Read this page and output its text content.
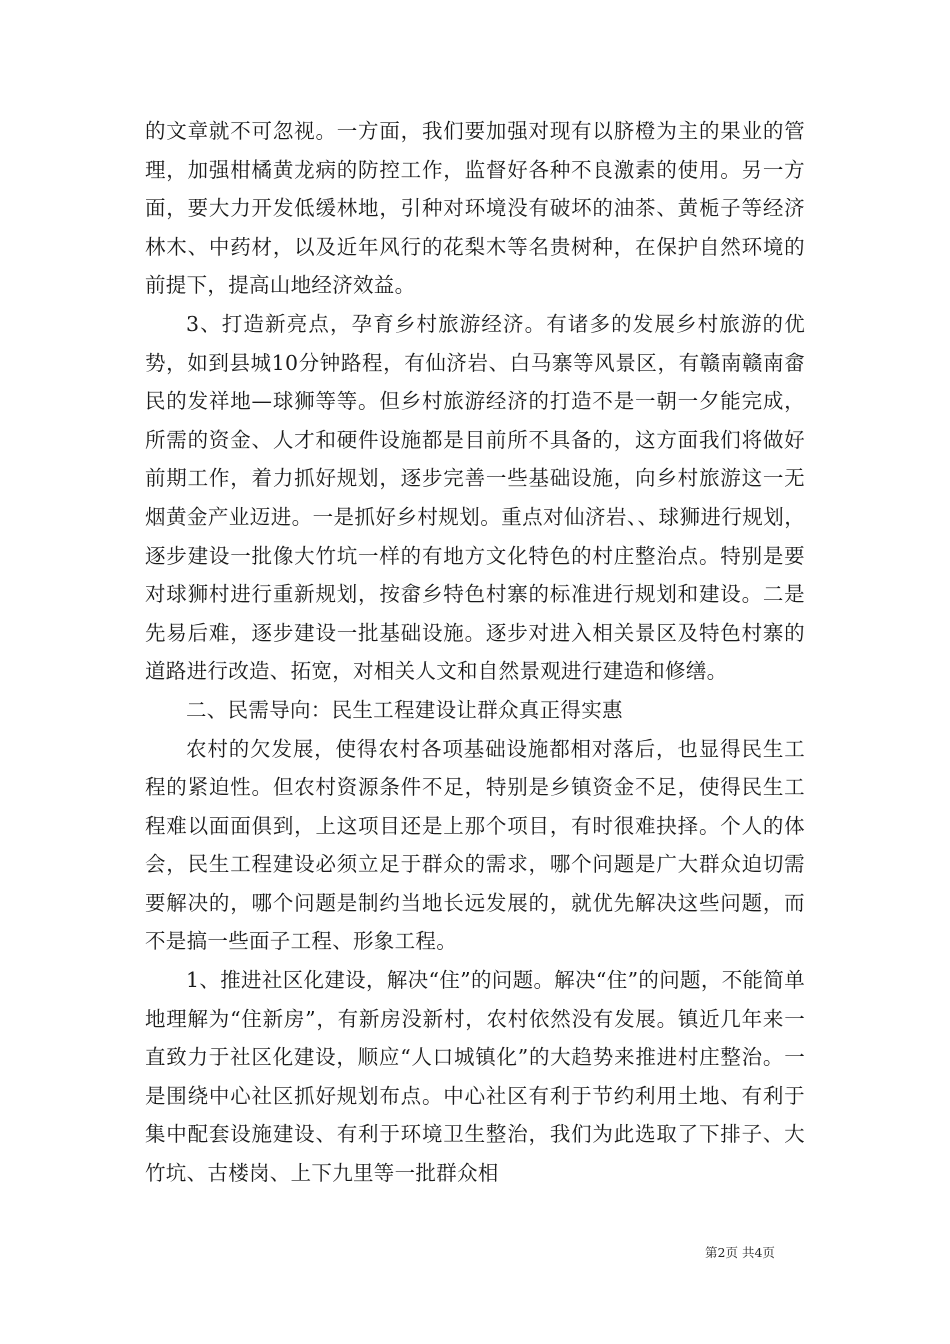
的文章就不可忽视。一方面，我们要加强对现有以脐橙为主的果业的管理，加强柑橘黄龙病的防控工作，监督好各种不良激素的使用。另一方面，要大力开发低缓林地，引种对环境没有破坏的油茶、黄栀子等经济林木、中药材，以及近年风行的花梨木等名贵树种，在保护自然环境的前提下，提高山地经济效益。

3、打造新亮点，孕育乡村旅游经济。有诸多的发展乡村旅游的优势，如到县城10分钟路程，有仙济岩、白马寨等风景区，有赣南赣南畲民的发祥地—球狮等等。但乡村旅游经济的打造不是一朝一夕能完成，所需的资金、人才和硬件设施都是目前所不具备的，这方面我们将做好前期工作，着力抓好规划，逐步完善一些基础设施，向乡村旅游这一无烟黄金产业迈进。一是抓好乡村规划。重点对仙济岩、、球狮进行规划，逐步建设一批像大竹坑一样的有地方文化特色的村庄整治点。特别是要对球狮村进行重新规划，按畲乡特色村寨的标准进行规划和建设。二是先易后难，逐步建设一批基础设施。逐步对进入相关景区及特色村寨的道路进行改造、拓宽，对相关人文和自然景观进行建造和修缮。

二、民需导向：民生工程建设让群众真正得实惠

农村的欠发展，使得农村各项基础设施都相对落后，也显得民生工程的紧迫性。但农村资源条件不足，特别是乡镇资金不足，使得民生工程难以面面俱到，上这项目还是上那个项目，有时很难抉择。个人的体会，民生工程建设必须立足于群众的需求，哪个问题是广大群众迫切需要解决的，哪个问题是制约当地长远发展的，就优先解决这些问题，而不是搞一些面子工程、形象工程。

1、推进社区化建设，解决“住”的问题。解决“住”的问题，不能简单地理解为“住新房”，有新房没新村，农村依然没有发展。镇近几年来一直致力于社区化建设，顺应“人口城镇化”的大趋势来推进村庄整治。一是围绕中心社区抓好规划布点。中心社区有利于节约利用土地、有利于集中配套设施建设、有利于环境卫生整治，我们为此选取了下排子、大竹坑、古楼岗、上下九里等一批群众相

第2页 共4页
